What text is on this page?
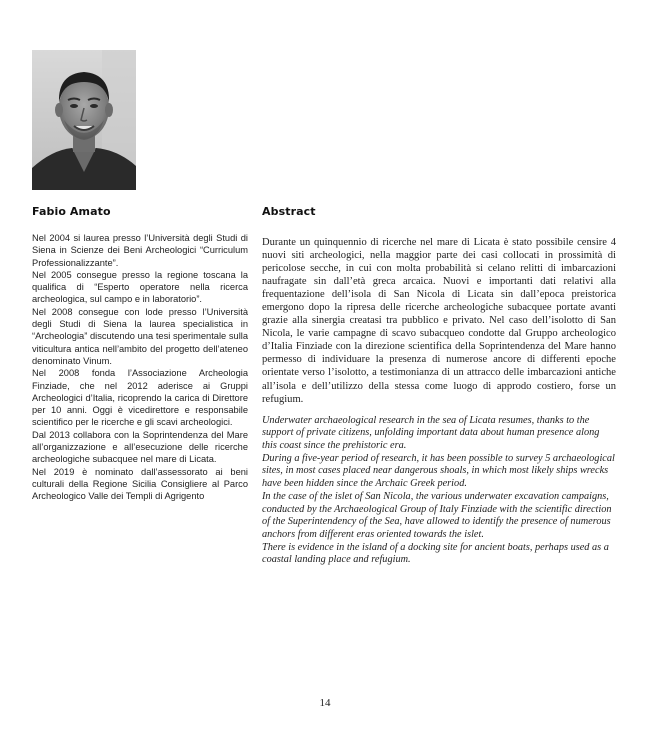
Fabio Amato

Nel 2004 si laurea presso l’Università degli Studi di Siena in Scienze dei Beni Archeologici “Curriculum Professionalizzante”.

Nel 2005 consegue presso la regione toscana la qualifica di “Esperto operatore nella ricerca archeologica, sul campo e in laboratorio”.

Nel 2008 consegue con lode presso l’Università degli Studi di Siena la laurea specialistica in “Archeologia” discutendo una tesi sperimentale sulla viticultura antica nell’ambito del progetto dell’ateneo denominato Vinum.

Nel 2008 fonda l’Associazione Archeologia Finziade, che nel 2012 aderisce ai Gruppi Archeologici d’Italia, ricoprendo la carica di Direttore per 10 anni. Oggi è vicedirettore e responsabile scientifico per le ricerche e gli scavi archeologici.

Dal 2013 collabora con la Soprintendenza del Mare all’organizzazione e all’esecuzione delle ricerche archeologiche subacquee nel mare di Licata.

Nel 2019 è nominato dall’assessorato ai beni culturali della Regione Sicilia Consigliere al Parco Archeologico Valle dei Templi di Agrigento

Abstract

Durante un quinquennio di ricerche nel mare di Licata è stato possibile censire 4 nuovi siti archeologici, nella maggior parte dei casi collocati in prossimità di pericolose secche, in cui con molta probabilità si celano relitti di imbarcazioni naufragate sin dall’età greca arcaica. Nuovi e importanti dati relativi alla frequentazione dell’isola di San Nicola di Licata sin dall’epoca preistorica emergono dopo la ripresa delle ricerche archeologiche subacquee portate avanti grazie alla sinergia creatasi tra pubblico e privato. Nel caso dell’isolotto di San Nicola, le varie campagne di scavo subacqueo condotte dal Gruppo archeologico d’Italia Finziade con la direzione scientifica della Soprintendenza del Mare hanno permesso di individuare la presenza di numerose ancore di differenti epoche orientate verso l’isolotto, a testimonianza di un attracco delle imbarcazioni antiche all’isola e dell’utilizzo della stessa come luogo di approdo costiero, forse un refugium.

Underwater archaeological research in the sea of Licata resumes, thanks to the support of private citizens, unfolding important data about human presence along this coast since the prehistoric era.

During a five-year period of research, it has been possible to survey 5 archaeological sites, in most cases placed near dangerous shoals, in which most likely ships wrecks have been hidden since the Archaic Greek period.

In the case of the islet of San Nicola, the various underwater excavation campaigns, conducted by the Archaeological Group of Italy Finziade with the scientific direction of the Superintendency of the Sea, have allowed to identify the presence of numerous anchors from different eras oriented towards the islet.

There is evidence in the island of a docking site for ancient boats, perhaps used as a coastal landing place and refugium.

14
